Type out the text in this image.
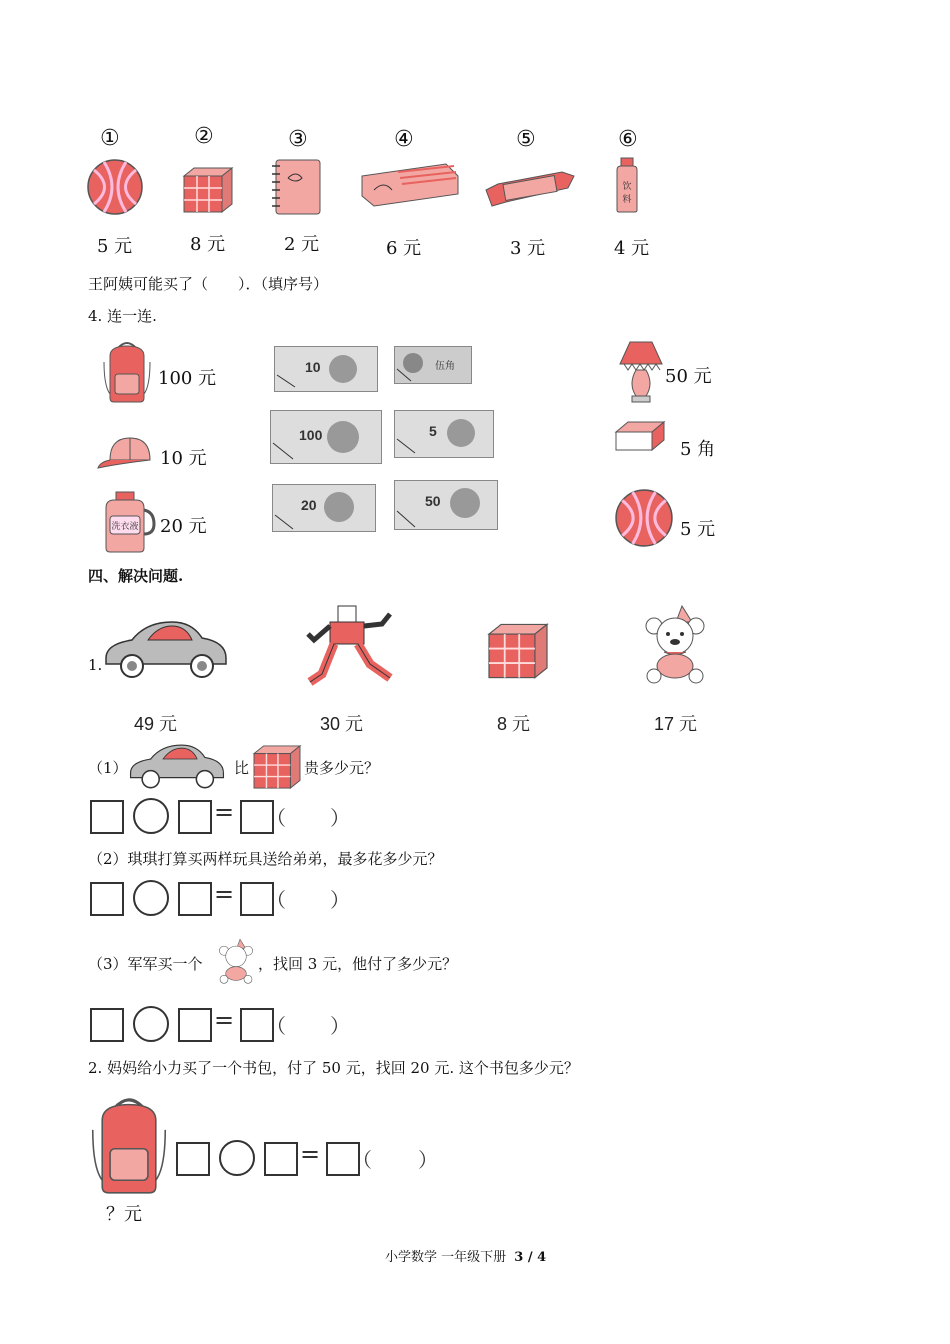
①	②	③	④	⑤	⑥
饮
料
5 元	8 元	2 元	6 元	3 元	4 元
王阿姨可能买了（　　）．（填序号）
4. 连一连.
100 元
10 元
洗衣液 20 元
10	伍角
100	5
20	50
50 元
5 角
5 元
四、解决问题.
1.
49 元	30 元	8 元	17 元
（1）	比	贵多少元？
= （ ）
（2）琪琪打算买两样玩具送给弟弟，最多花多少元？
= （ ）
（3）军军买一个	，找回 3 元，他付了多少元？
= （ ）
2. 妈妈给小力买了一个书包，付了 50 元，找回 20 元. 这个书包多少元？
？元
= （ ）
小学数学 一年级下册 3 / 4
